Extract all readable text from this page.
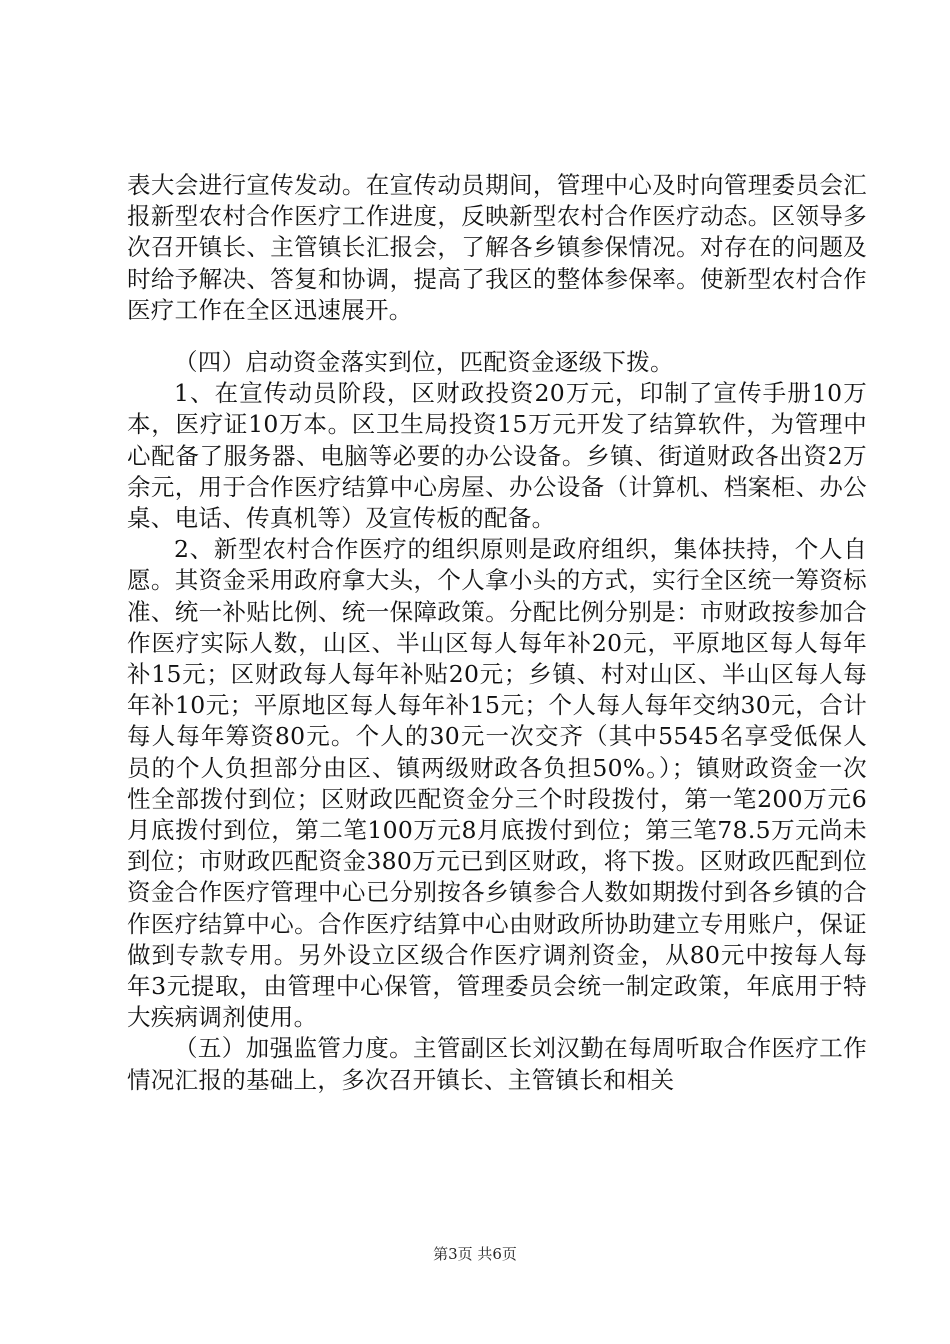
表大会进行宣传发动。在宣传动员期间，管理中心及时向管理委员会汇报新型农村合作医疗工作进度，反映新型农村合作医疗动态。区领导多次召开镇长、主管镇长汇报会，了解各乡镇参保情况。对存在的问题及时给予解决、答复和协调，提高了我区的整体参保率。使新型农村合作医疗工作在全区迅速展开。

（四）启动资金落实到位，匹配资金逐级下拨。

1、在宣传动员阶段，区财政投资20万元，印制了宣传手册10万本，医疗证10万本。区卫生局投资15万元开发了结算软件，为管理中心配备了服务器、电脑等必要的办公设备。乡镇、街道财政各出资2万余元，用于合作医疗结算中心房屋、办公设备（计算机、档案柜、办公桌、电话、传真机等）及宣传板的配备。

2、新型农村合作医疗的组织原则是政府组织，集体扶持，个人自愿。其资金采用政府拿大头，个人拿小头的方式，实行全区统一筹资标准、统一补贴比例、统一保障政策。分配比例分别是：市财政按参加合作医疗实际人数，山区、半山区每人每年补20元，平原地区每人每年补15元；区财政每人每年补贴20元；乡镇、村对山区、半山区每人每年补10元；平原地区每人每年补15元；个人每人每年交纳30元，合计每人每年筹资80元。个人的30元一次交齐（其中5545名享受低保人员的个人负担部分由区、镇两级财政各负担50%。）；镇财政资金一次性全部拨付到位；区财政匹配资金分三个时段拨付，第一笔200万元6月底拨付到位，第二笔100万元8月底拨付到位；第三笔78.5万元尚未到位；市财政匹配资金380万元已到区财政，将下拨。区财政匹配到位资金合作医疗管理中心已分别按各乡镇参合人数如期拨付到各乡镇的合作医疗结算中心。合作医疗结算中心由财政所协助建立专用账户，保证做到专款专用。另外设立区级合作医疗调剂资金，从80元中按每人每年3元提取，由管理中心保管，管理委员会统一制定政策，年底用于特大疾病调剂使用。

（五）加强监管力度。主管副区长刘汉勤在每周听取合作医疗工作情况汇报的基础上，多次召开镇长、主管镇长和相关

第3页 共6页
